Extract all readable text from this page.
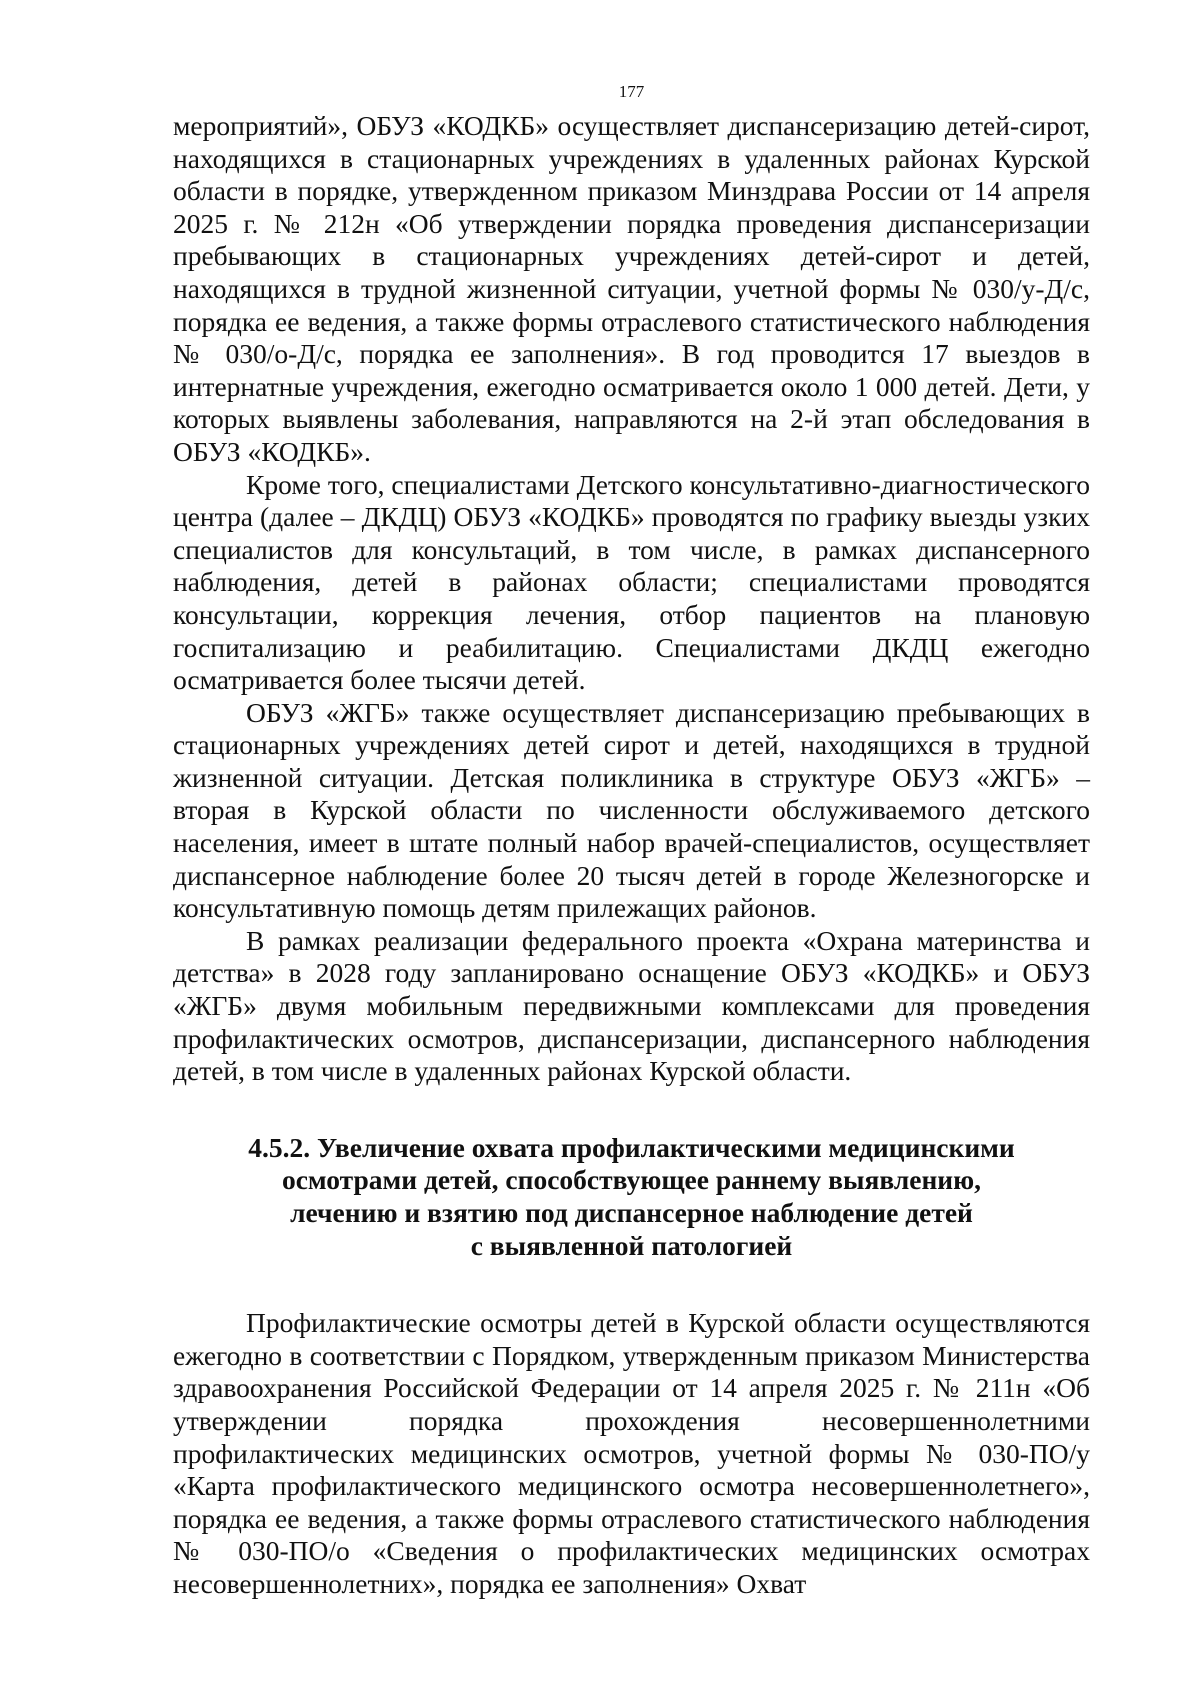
177

мероприятий», ОБУЗ «КОДКБ» осуществляет диспансеризацию детей-сирот, находящихся в стационарных учреждениях в удаленных районах Курской области в порядке, утвержденном приказом Минздрава России от 14 апреля 2025 г. № 212н «Об утверждении порядка проведения диспансеризации пребывающих в стационарных учреждениях детей-сирот и детей, находящихся в трудной жизненной ситуации, учетной формы № 030/у-Д/с, порядка ее ведения, а также формы отраслевого статистического наблюдения № 030/о-Д/с, порядка ее заполнения». В год проводится 17 выездов в интернатные учреждения, ежегодно осматривается около 1 000 детей. Дети, у которых выявлены заболевания, направляются на 2-й этап обследования в ОБУЗ «КОДКБ».

Кроме того, специалистами Детского консультативно-диагностического центра (далее – ДКДЦ) ОБУЗ «КОДКБ» проводятся по графику выезды узких специалистов для консультаций, в том числе, в рамках диспансерного наблюдения, детей в районах области; специалистами проводятся консультации, коррекция лечения, отбор пациентов на плановую госпитализацию и реабилитацию. Специалистами ДКДЦ ежегодно осматривается более тысячи детей.

ОБУЗ «ЖГБ» также осуществляет диспансеризацию пребывающих в стационарных учреждениях детей сирот и детей, находящихся в трудной жизненной ситуации. Детская поликлиника в структуре ОБУЗ «ЖГБ» – вторая в Курской области по численности обслуживаемого детского населения, имеет в штате полный набор врачей-специалистов, осуществляет диспансерное наблюдение более 20 тысяч детей в городе Железногорске и консультативную помощь детям прилежащих районов.

В рамках реализации федерального проекта «Охрана материнства и детства» в 2028 году запланировано оснащение ОБУЗ «КОДКБ» и ОБУЗ «ЖГБ» двумя мобильным передвижными комплексами для проведения профилактических осмотров, диспансеризации, диспансерного наблюдения детей, в том числе в удаленных районах Курской области.

4.5.2. Увеличение охвата профилактическими медицинскими
осмотрами детей, способствующее раннему выявлению,
лечению и взятию под диспансерное наблюдение детей
с выявленной патологией

Профилактические осмотры детей в Курской области осуществляются ежегодно в соответствии с Порядком, утвержденным приказом Министерства здравоохранения Российской Федерации от 14 апреля 2025 г. № 211н «Об утверждении порядка прохождения несовершеннолетними профилактических медицинских осмотров, учетной формы № 030-ПО/у «Карта профилактического медицинского осмотра несовершеннолетнего», порядка ее ведения, а также формы отраслевого статистического наблюдения № 030-ПО/о «Сведения о профилактических медицинских осмотрах несовершеннолетних», порядка ее заполнения» Охват
